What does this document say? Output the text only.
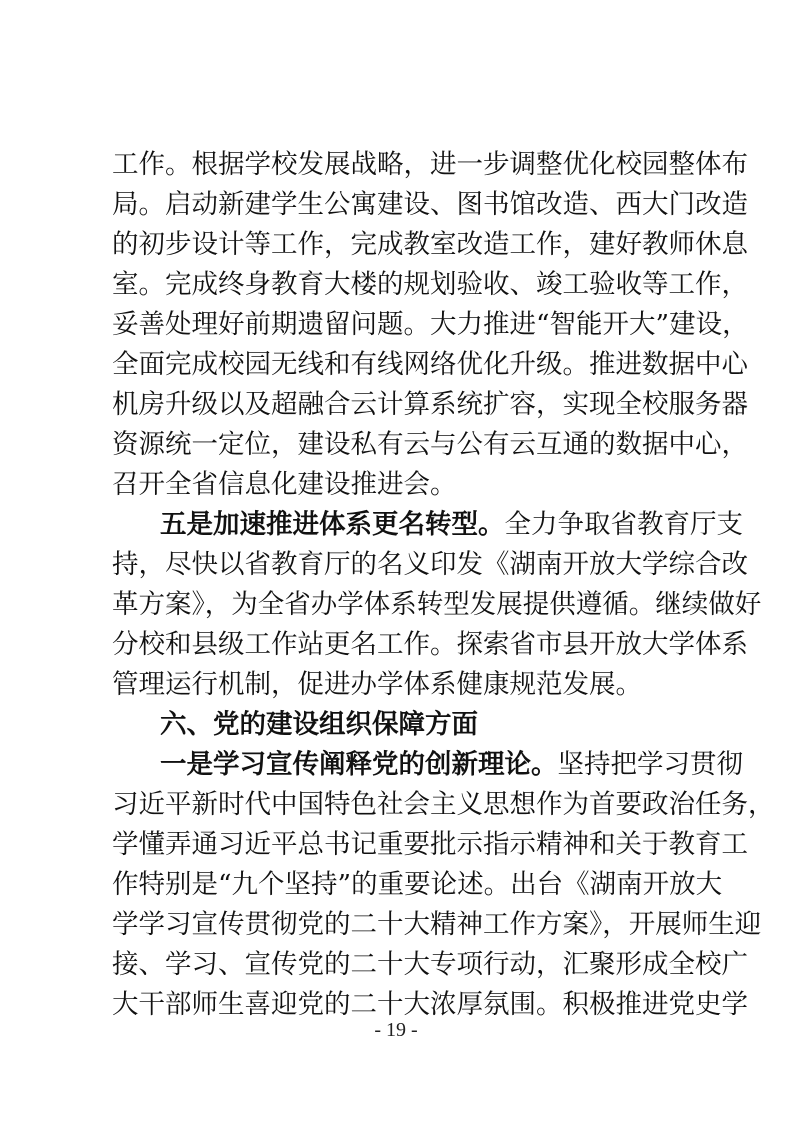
工作。根据学校发展战略，进一步调整优化校园整体布
局。启动新建学生公寓建设、图书馆改造、西大门改造
的初步设计等工作，完成教室改造工作，建好教师休息
室。完成终身教育大楼的规划验收、竣工验收等工作，
妥善处理好前期遗留问题。大力推进“智能开大”建设，
全面完成校园无线和有线网络优化升级。推进数据中心
机房升级以及超融合云计算系统扩容，实现全校服务器
资源统一定位，建设私有云与公有云互通的数据中心，
召开全省信息化建设推进会。
五是加速推进体系更名转型。全力争取省教育厅支
持，尽快以省教育厅的名义印发《湖南开放大学综合改
革方案》，为全省办学体系转型发展提供遵循。继续做好
分校和县级工作站更名工作。探索省市县开放大学体系
管理运行机制，促进办学体系健康规范发展。
六、党的建设组织保障方面
一是学习宣传阐释党的创新理论。坚持把学习贯彻
习近平新时代中国特色社会主义思想作为首要政治任务，
学懂弄通习近平总书记重要批示指示精神和关于教育工
作特别是“九个坚持”的重要论述。出台《湖南开放大
学学习宣传贯彻党的二十大精神工作方案》，开展师生迎
接、学习、宣传党的二十大专项行动，汇聚形成全校广
大干部师生喜迎党的二十大浓厚氛围。积极推进党史学
- 19 -
